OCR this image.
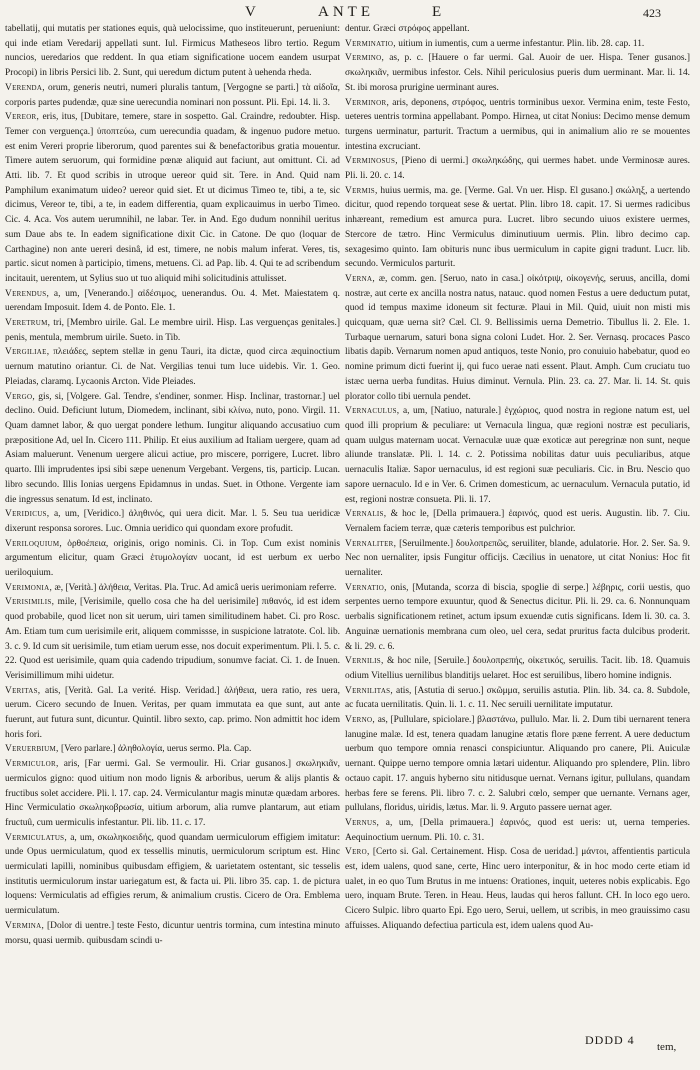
V	ANTE	E	423

tabellatij, qui mutatis per stationes equis, quà uelocissime, quo institeuerunt, perueniunt: qui inde etiam Veredarij appellati sunt. Iul. Firmicus Matheseos libro tertio. Regum nuncios, ueredarios que reddent. In qua etiam significatione uocem eandem usurpat Procopi) in libris Persici lib. 2. Sunt, qui ueredum dictum putent à uehenda rheda.

Verenda, orum, generis neutri, numeri pluralis tantum, [Vergogne se parti.] τὰ αἰδοῖα, corporis partes pudendæ, quæ sine uerecundia nominari non possunt. Pli. Epi. 14. li. 3.

Vereor, eris, itus, [Dubitare, temere, stare in sospetto. Gal. Craindre, redoubter. Hisp. Temer con verguença.] ὑποπτεύω, cum uerecundia quadam, & ingenuo pudore metuo. est enim Vereri proprie liberorum, quod parentes sui & benefactoribus gratia mouentur. Timere autem seruorum, qui formidine pœnæ aliquid aut faciunt, aut omittunt. Ci. ad Atti. lib. 7. Et quod scribis in utroque uereor quid sit. Tere. in And. Quid nam Pamphilum exanimatum uideo? uereor quid siet. Et ut dicimus Timeo te, tibi, a te, sic dicimus, Vereor te, tibi, a te, in eadem differentia, quam explicauimus in uerbo Timeo. Cic. 4. Aca. Vos autem uerumnihil, ne labar. Ter. in And. Ego dudum nonnihil ueritus sum Daue abs te. In eadem significatione dixit Cic. in Catone. De quo (loquar de Carthagine) non ante uereri desinâ, id est, timere, ne nobis malum inferat. Veres, tis, partic. sicut nomen à participio, timens, metuens. Ci. ad Pap. lib. 4. Qui te ad scribendum incitauit, uerentem, ut Sylius suo ut tuo aliquid mihi solicitudinis attulisset.

Verendus, a, um, [Venerando.] αἰδέσιμος, uenerandus. Ou. 4. Met. Maiestatem q. uerendam Imposuit. Idem 4. de Ponto. Ele. 1.

Veretrum, tri, [Membro uirile. Gal. Le membre uiril. Hisp. Las verguenças genitales.] penis, mentula, membrum uirile. Sueto. in Tib.

Vergiliae, πλειάδες, septem stellæ in genu Tauri, ita dictæ, quod circa æquinoctium uernum matutino oriantur. Ci. de Nat. Vergilias tenui tum luce uidebis. Vir. 1. Geo. Pleiadas, claramq. Lycaonis Arcton. Vide Pleiades.

Vergo, gis, si, [Volgere. Gal. Tendre, s'endiner, sonmer. Hisp. Inclinar, trastornar.] uel declino. Ouid. Deficiunt lutum, Diomedem, inclinant, sibi κλίνω, nuto, pono. Virgil. 11. Quam damnet labor, & quo uergat pondere lethum. Iungitur aliquando accusatiuo cum præpositione Ad, uel In. Cicero 111. Philip. Et eius auxilium ad Italiam uergere, quam ad Asiam maluerunt. Venenum uergere alicui actiue, pro miscere, porrigere, Lucret. libro quarto. Illi imprudentes ipsi sibi sæpe uenenum Vergebant. Vergens, tis, particip. Lucan. libro secundo. Illis Ionias uergens Epidamnus in undas. Suet. in Othone. Vergente iam die ingressus senatum. Id est, inclinato.

Veridicus, a, um, [Veridico.] ἀληθινός, qui uera dicit. Mar. l. 5. Seu tua ueridicæ dixerunt responsa sorores. Luc. Omnia ueridico qui quondam exore profudit.

Veriloquium, ὀρθοέπεια, originis, origo nominis. Ci. in Top. Cum exist nominis argumentum elicitur, quam Græci ἐτυμολογίαν uocant, id est uerbum ex uerbo ueriloquium.

Verimonia, æ, [Verità.] ἀλήθεια, Veritas. Pla. Truc. Ad amicâ ueris uerimoniam referre.

Verisimilis, mile, [Verisimile, quello cosa che ha del uerisimile] πιθανός, id est idem quod probabile, quod licet non sit uerum, uiri tamen similitudinem habet. Ci. pro Rosc. Am. Etiam tum cum uerisimile erit, aliquem commissse, in suspicione latratote. Col. lib. 3. c. 9. Id cum sit uerisimile, tum etiam uerum esse, nos docuit experimentum. Pli. l. 5. c. 22. Quod est uerisimile, quam quia cadendo tripudium, sonumve faciat. Ci. 1. de Inuen. Verisimillimum mihi uidetur.

Veritas, atis, [Verità. Gal. La verité. Hisp. Veridad.] ἀλήθεια, uera ratio, res uera, uerum. Cicero secundo de Inuen. Veritas, per quam immutata ea que sunt, aut ante fuerunt, aut futura sunt, dicuntur. Quintil. libro sexto, cap. primo. Non admittit hoc idem horis fori.

Veruerbium, [Vero parlare.] ἀληθολογία, uerus sermo. Pla. Cap.

Vermiculor, aris, [Far uermi. Gal. Se vermoulir. Hi. Criar gusanos.] σκωληκιᾶν, uermiculos gigno: quod uitium non modo lignis & arboribus, uerum & alijs plantis & fructibus solet accidere. Pli. l. 17. cap. 24. Vermiculantur magis minutæ quædam arbores. Hinc Vermiculatio σκωληκοβρωσία, uitium arborum, alia rumve plantarum, aut etiam fructuû, cum uermiculis infestantur. Pli. lib. 11. c. 17.

Vermiculatus, a, um, σκωληκοειδής, quod quandam uermiculorum effigiem imitatur: unde Opus uermiculatum, quod ex tessellis minutis, uermiculorum scriptum est. Hinc uermiculati lapilli, nominibus quibusdam effigiem, & uarietatem ostentant, sic tesselis institutis uermiculorum instar uariegatum est, & facta ui. Pli. libro 35. cap. 1. de pictura loquens: Vermiculatis ad effigies rerum, & animalium crustis. Cicero de Ora. Emblema uermiculatum.

Vermina, [Dolor di uentre.] teste Festo, dicuntur uentris tormina, cum intestina minuto morsu, quasi uermib. quibusdam scindi u-

dentur. Græci στρόφος appellant.

Verminatio, uitium in iumentis, cum a uerme infestantur. Plin. lib. 28. cap. 11.

Vermino, as, p. c. [Hauere o far uermi. Gal. Auoir de uer. Hispa. Tener gusanos.] σκωληκιᾶν, uermibus infestor. Cels. Nihil periculosius pueris dum uerminant. Mar. li. 14. St. ibi morosa prurigine uerminant aures.

Verminor, aris, deponens, στρόφος, uentris torminibus uexor. Vermina enim, teste Festo, ueteres uentris tormina appellabant. Pompo. Hirnea, ut citat Nonius: Decimo mense demum turgens uerminatur, parturit. Tractum a uermibus, qui in animalium alio re se mouentes intestina excruciant.

Verminosus, [Pieno di uermi.] σκωληκώδης, qui uermes habet. unde Verminosæ aures. Pli. li. 20. c. 14.

Vermis, huius uermis, ma. ge. [Verme. Gal. Vn uer. Hisp. El gusano.] σκώληξ, a uertendo dicitur, quod rependo torqueat sese & uertat. Plin. libro 18. capit. 17. Si uermes radicibus inhæreant, remedium est amurca pura. Lucret. libro secundo uiuos existere uermes, Stercore de tætro. Hinc Vermiculus diminutiuum uermis. Plin. libro decimo cap. sexagesimo quinto. Iam obituris nunc ibus uermiculum in capite gigni tradunt. Lucr. lib. secundo. Vermiculos parturit.

Verna, æ, comm. gen. [Seruo, nato in casa.] οἰκότριψ, οἰκογενής, seruus, ancilla, domi nostræ, aut certe ex ancilla nostra natus, natauc. quod nomen Festus a uere deductum putat, quod id tempus maxime idoneum sit fecturæ. Plaui in Mil. Quid, uiuit non misti mis quicquam, quæ uerna sit? Cæl. Cl. 9. Bellissimis uerna Demetrio. Tibullus li. 2. Ele. 1. Turbaque uernarum, saturi bona signa coloni Ludet. Hor. 2. Ser. Vernasq. procaces Pasco libatis dapib. Vernarum nomen apud antiquos, teste Nonio, pro conuiuio habebatur, quod eo nomine primum dicti fuerint ij, qui fuco uerae nati essent. Plaut. Amph. Cum cruciatu tuo istæc uerna uerba funditas. Huius diminut. Vernula. Plin. 23. ca. 27. Mar. li. 14. St. quis plorator collo tibi uernula pendet.

Vernaculus, a, um, [Natiuo, naturale.] ἐγχώριος, quod nostra in regione natum est, uel quod illi proprium & peculiare: ut Vernacula lingua, quæ regioni nostræ est peculiaris, quam uulgus maternam uocat. Vernaculæ uuæ quæ exoticæ aut peregrinæ non sunt, neque aliunde translatæ. Pli. l. 14. c. 2. Potissima nobilitas datur uuis peculiaribus, atque uernaculis Italiæ. Sapor uernaculus, id est regioni suæ peculiaris. Cic. in Bru. Nescio quo sapore uernaculo. Id e in Ver. 6. Crimen domesticum, ac uernaculum. Vernacula putatio, id est, regioni nostræ consueta. Pli. li. 17.

Vernalis, & hoc le, [Della primauera.] ἐαρινός, quod est ueris. Augustin. lib. 7. Ciu. Vernalem faciem terræ, quæ cæteris temporibus est pulchrior.

Vernaliter, [Seruilmente.] δουλοπρεπῶς, seruiliter, blande, adulatorie. Hor. 2. Ser. Sa. 9. Nec non uernaliter, ipsis Fungitur officijs. Cæcilius in uenatore, ut citat Nonius: Hoc fit uernaliter.

Vernatio, onis, [Mutanda, scorza di biscia, spoglie di serpe.] λέβηρις, corii uestis, quo serpentes uerno tempore exuuntur, quod & Senectus dicitur. Pli. li. 29. ca. 6. Nonnunquam uerbalis significationem retinet, actum ipsum exuendæ cutis significans. Idem li. 30. ca. 3. Anguinæ uernationis membrana cum oleo, uel cera, sedat pruritus facta dulcibus proderit. & li. 29. c. 6.

Vernilis, & hoc nile, [Seruile.] δουλοπρεπής, οἰκετικός, seruilis. Tacit. lib. 18. Quamuis odium Vitellius uernilibus blanditijs uelaret. Hoc est seruilibus, libero homine indignis.

Vernilitas, atis, [Astutia di seruo.] σκῶμμα, seruilis astutia. Plin. lib. 34. ca. 8. Subdole, ac fucata uernilitatis. Quin. li. 1. c. 11. Nec seruili uernilitate imputatur.

Verno, as, [Pullulare, spiciolare.] βλαστάνω, pullulo. Mar. li. 2. Dum tibi uernarent tenera lanugine malæ. Id est, tenera quadam lanugine ætatis flore pæne ferrent. A uere deductum uerbum quo tempore omnia renasci conspiciuntur. Aliquando pro canere, Pli. Auiculæ uernant. Quippe uerno tempore omnia lætari uidentur. Aliquando pro splendere, Plin. libro octauo capit. 17. anguis hyberno situ nitidusque uernat. Vernans igitur, pullulans, quandam herbas fere se ferens. Pli. libro 7. c. 2. Salubri cœlo, semper que uernante. Vernans ager, pullulans, floridus, uiridis, lætus. Mar. li. 9. Arguto passere uernat ager.

Vernus, a, um, [Della primauera.] ἐαρινός, quod est ueris: ut, uerna temperies. Aequinoctium uernum. Pli. 10. c. 31.

Vero, [Certo si. Gal. Certainement. Hisp. Cosa de ueridad.] μάντοι, affentientis particula est, idem ualens, quod sane, certe, Hinc uero interponitur, & in hoc modo certe etiam id ualet, in eo quo Tum Brutus in me intuens: Orationes, inquit, ueteres nobis explicabis. Ego uero, inquam Brute. Teren. in Heau. Heus, laudas qui heros fallunt. CH. In loco ego uero. Cicero Sulpic. libro quarto Epi. Ego uero, Serui, uellem, ut scribis, in meo grauissimo casu affuisses. Aliquando defectiua particula est, idem ualens quod Au-

DDDD 4 tem,
